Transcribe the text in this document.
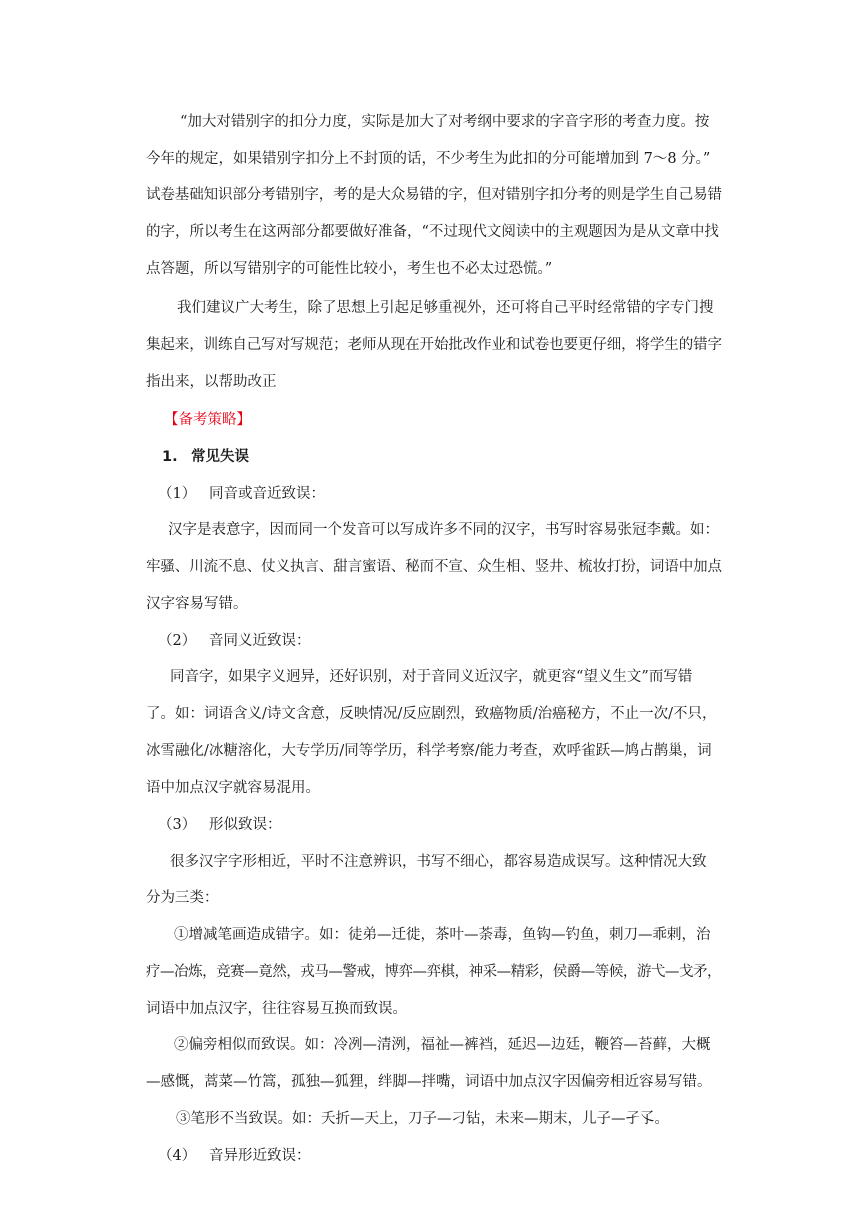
“加大对错别字的扣分力度，实际是加大了对考纲中要求的字音字形的考查力度。按
今年的规定，如果错别字扣分上不封顶的话，不少考生为此扣的分可能增加到 7～8 分。”
试卷基础知识部分考错别字，考的是大众易错的字，但对错别字扣分考的则是学生自己易错
的字，所以考生在这两部分都要做好准备，“不过现代文阅读中的主观题因为是从文章中找
点答题，所以写错别字的可能性比较小，考生也不必太过恐慌。”
我们建议广大考生，除了思想上引起足够重视外，还可将自己平时经常错的字专门搜
集起来，训练自己写对写规范；老师从现在开始批改作业和试卷也要更仔细，将学生的错字
指出来，以帮助改正
【备考策略】
1. 常见失误
（1） 同音或音近致误：
汉字是表意字，因而同一个发音可以写成许多不同的汉字，书写时容易张冠李戴。如：
牢骚、川流不息、仗义执言、甜言蜜语、秘而不宣、众生相、竖井、梳妆打扮，词语中加点
汉字容易写错。
（2） 音同义近致误：
同音字，如果字义迥异，还好识别，对于音同义近汉字，就更容“望义生文”而写错
了。如：词语含义/诗文含意，反映情况/反应剧烈，致癌物质/治癌秘方，不止一次/不只，
冰雪融化/冰糖溶化，大专学历/同等学历，科学考察/能力考查，欢呼雀跃—鸠占鹊巢，词
语中加点汉字就容易混用。
（3） 形似致误：
很多汉字字形相近，平时不注意辨识，书写不细心，都容易造成误写。这种情况大致
分为三类：
①增减笔画造成错字。如：徒弟—迁徙，茶叶—荼毒，鱼钩—钓鱼，刺刀—乖剌，治
疗—冶炼，竞赛—竟然，戎马—警戒，博弈—弈棋，神采—精彩，侯爵—等候，游弋—戈矛，
词语中加点汉字，往往容易互换而致误。
②偏旁相似而致误。如：冷冽—清洌，福祉—裤裆，延迟—边廷，鞭笞—苔藓，大概
—感慨，蒿菜—竹篙，孤独—狐狸，绊脚—拌嘴，词语中加点汉字因偏旁相近容易写错。
③笔形不当致误。如：夭折—天上，刀子—刁钻，未来—期末，儿子—孑孓。
（4） 音异形近致误：
